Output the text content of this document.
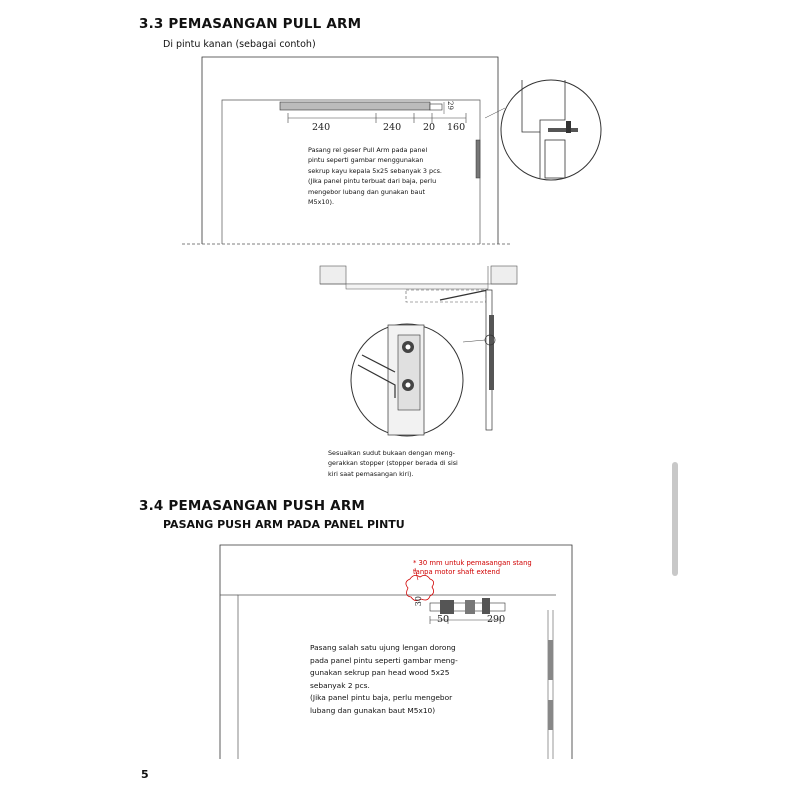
3.3 PEMASANGAN PULL ARM
Di pintu kanan (sebagai contoh)
240	240 20 160
29
Pasang rel geser Pull Arm pada panel
pintu seperti gambar menggunakan
sekrup kayu kepala 5x25 sebanyak 3 pcs.
(Jika panel pintu terbuat dari baja, perlu
mengebor lubang dan gunakan baut
M5x10).
Sesuaikan sudut bukaan dengan meng-
gerakkan stopper (stopper berada di sisi
kiri saat pemasangan kiri).
3.4 PEMASANGAN PUSH ARM
PASANG PUSH ARM PADA PANEL PINTU
* 30 mm untuk pemasangan stang
tanpa motor shaft extend
30
50	290
Pasang salah satu ujung lengan dorong
pada panel pintu seperti gambar meng-
gunakan sekrup pan head wood 5x25
sebanyak 2 pcs.
(Jika panel pintu baja, perlu mengebor
lubang dan gunakan baut M5x10)
5
